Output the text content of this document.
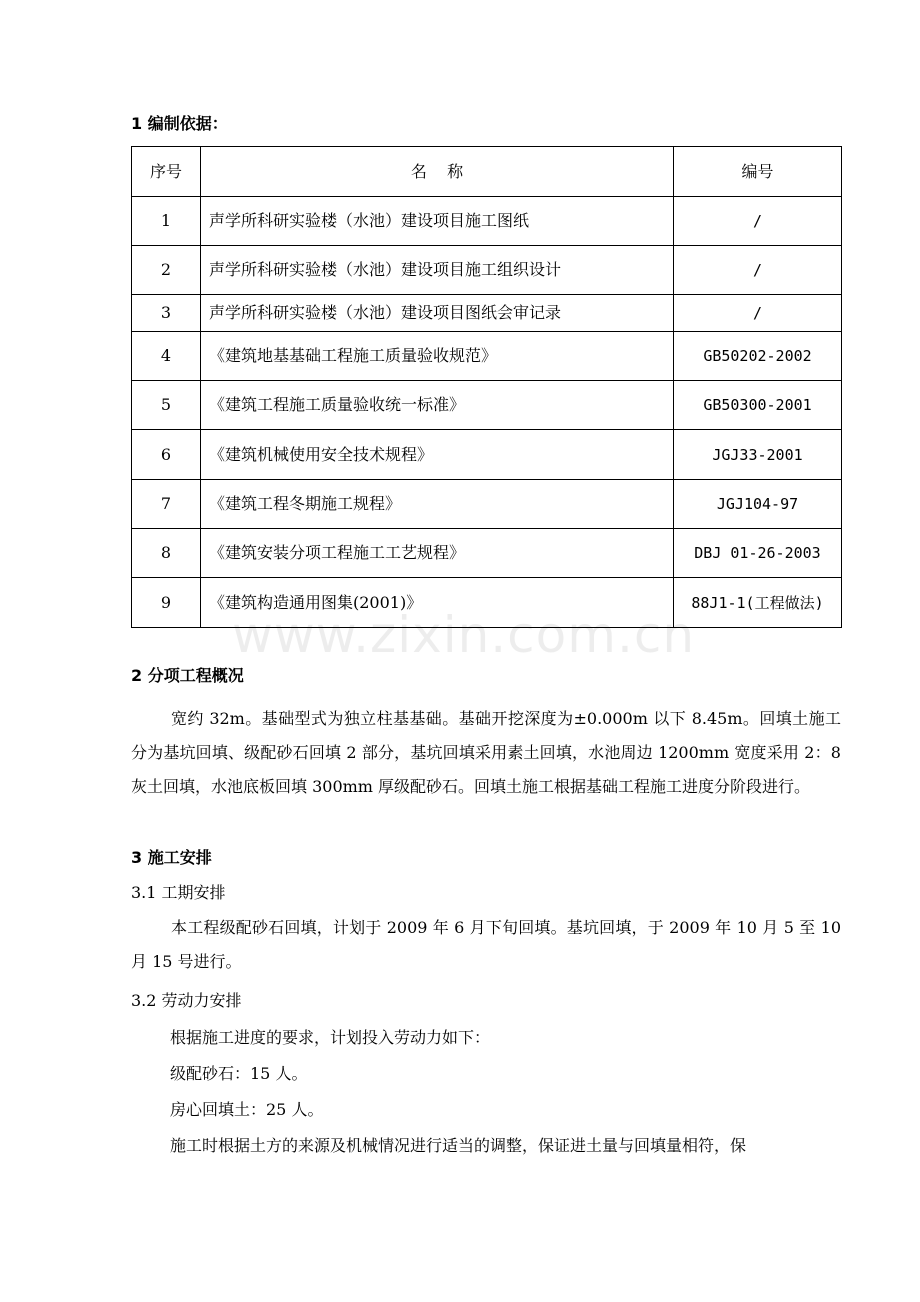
1 编制依据：
序号	名    称	编号
1	声学所科研实验楼（水池）建设项目施工图纸	/
2	声学所科研实验楼（水池）建设项目施工组织设计	/
3	声学所科研实验楼（水池）建设项目图纸会审记录	/
4	《建筑地基基础工程施工质量验收规范》	GB50202-2002
5	《建筑工程施工质量验收统一标准》	GB50300-2001
6	《建筑机械使用安全技术规程》	JGJ33-2001
7	《建筑工程冬期施工规程》	JGJ104-97
8	《建筑安装分项工程施工工艺规程》	DBJ 01-26-2003
9	《建筑构造通用图集(2001)》	88J1-1(工程做法)
www.zixin.com.cn
2 分项工程概况

宽约 32m。基础型式为独立柱基基础。基础开挖深度为±0.000m 以下 8.45m。回填土施工分为基坑回填、级配砂石回填 2 部分，基坑回填采用素土回填，水池周边 1200mm 宽度采用 2：8 灰土回填，水池底板回填 300mm 厚级配砂石。回填土施工根据基础工程施工进度分阶段进行。

3 施工安排
3.1 工期安排

本工程级配砂石回填，计划于 2009 年 6 月下旬回填。基坑回填，于 2009 年 10 月 5 至 10 月 15 号进行。

3.2 劳动力安排
根据施工进度的要求，计划投入劳动力如下：
级配砂石：15 人。
房心回填土：25 人。
施工时根据土方的来源及机械情况进行适当的调整，保证进土量与回填量相符，保
